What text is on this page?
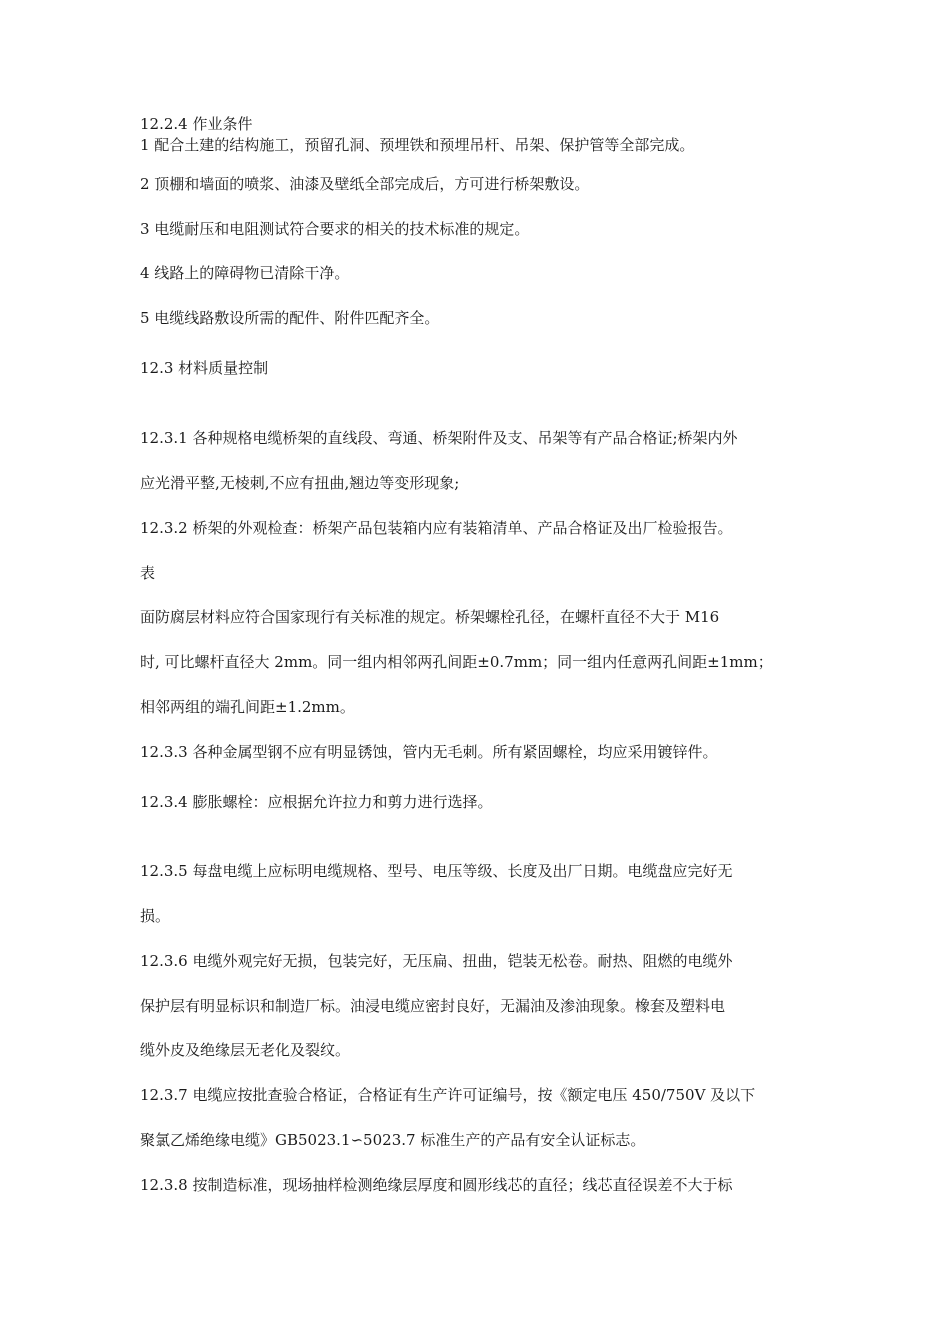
12.2.4 作业条件
1 配合土建的结构施工，预留孔洞、预埋铁和预埋吊杆、吊架、保护管等全部完成。
2 顶棚和墙面的喷浆、油漆及壁纸全部完成后，方可进行桥架敷设。
3 电缆耐压和电阻测试符合要求的相关的技术标准的规定。
4 线路上的障碍物已清除干净。
5 电缆线路敷设所需的配件、附件匹配齐全。
12.3 材料质量控制
12.3.1 各种规格电缆桥架的直线段、弯通、桥架附件及支、吊架等有产品合格证;桥架内外
应光滑平整,无棱刺,不应有扭曲,翘边等变形现象;
12.3.2 桥架的外观检查：桥架产品包装箱内应有装箱清单、产品合格证及出厂检验报告。
表
面防腐层材料应符合国家现行有关标准的规定。桥架螺栓孔径，在螺杆直径不大于 M16
时, 可比螺杆直径大 2mm。同一组内相邻两孔间距±0.7mm；同一组内任意两孔间距±1mm；
相邻两组的端孔间距±1.2mm。
12.3.3 各种金属型钢不应有明显锈蚀，管内无毛刺。所有紧固螺栓，均应采用镀锌件。
12.3.4 膨胀螺栓：应根据允许拉力和剪力进行选择。
12.3.5 每盘电缆上应标明电缆规格、型号、电压等级、长度及出厂日期。电缆盘应完好无
损。
12.3.6 电缆外观完好无损，包装完好，无压扁、扭曲，铠装无松卷。耐热、阻燃的电缆外
保护层有明显标识和制造厂标。油浸电缆应密封良好，无漏油及渗油现象。橡套及塑料电
缆外皮及绝缘层无老化及裂纹。
12.3.7 电缆应按批查验合格证，合格证有生产许可证编号，按《额定电压 450/750V 及以下
聚氯乙烯绝缘电缆》GB5023.1∽5023.7 标准生产的产品有安全认证标志。
12.3.8 按制造标准，现场抽样检测绝缘层厚度和圆形线芯的直径；线芯直径误差不大于标
